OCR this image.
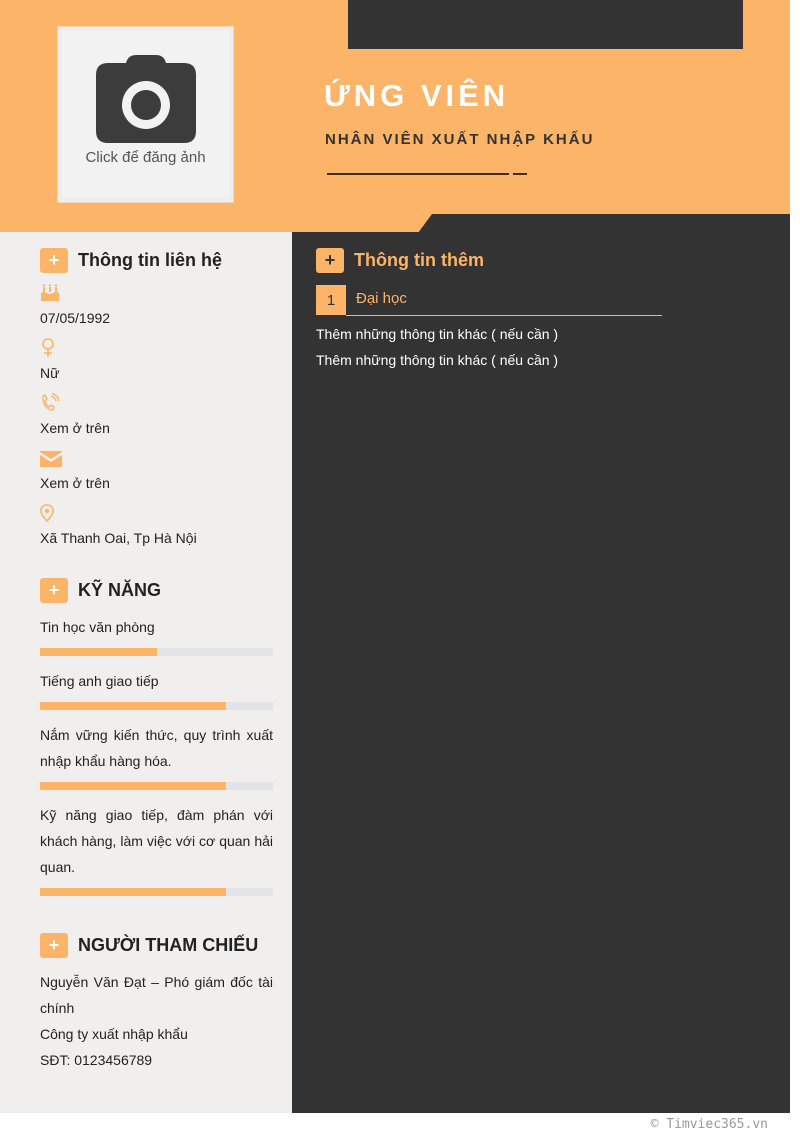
Click để đăng ảnh
ỨNG VIÊN
NHÂN VIÊN XUẤT NHẬP KHẨU
+	Thông tin liên hệ
07/05/1992
Nữ
Xem ở trên
Xem ở trên
Xã Thanh Oai, Tp Hà Nội
+	KỸ NĂNG
Tin học văn phòng
Tiếng anh giao tiếp
Nắm vững kiến thức, quy trình xuất nhập khẩu hàng hóa.
Kỹ năng giao tiếp, đàm phán với khách hàng, làm việc với cơ quan hải quan.
+	NGƯỜI THAM CHIẾU
Nguyễn Văn Đạt – Phó giám đốc tài chính
Công ty xuất nhập khẩu
SĐT: 0123456789
+	Thông tin thêm
1	Đại học
Thêm những thông tin khác ( nếu cần )
Thêm những thông tin khác ( nếu cần )
© Timviec365.vn
